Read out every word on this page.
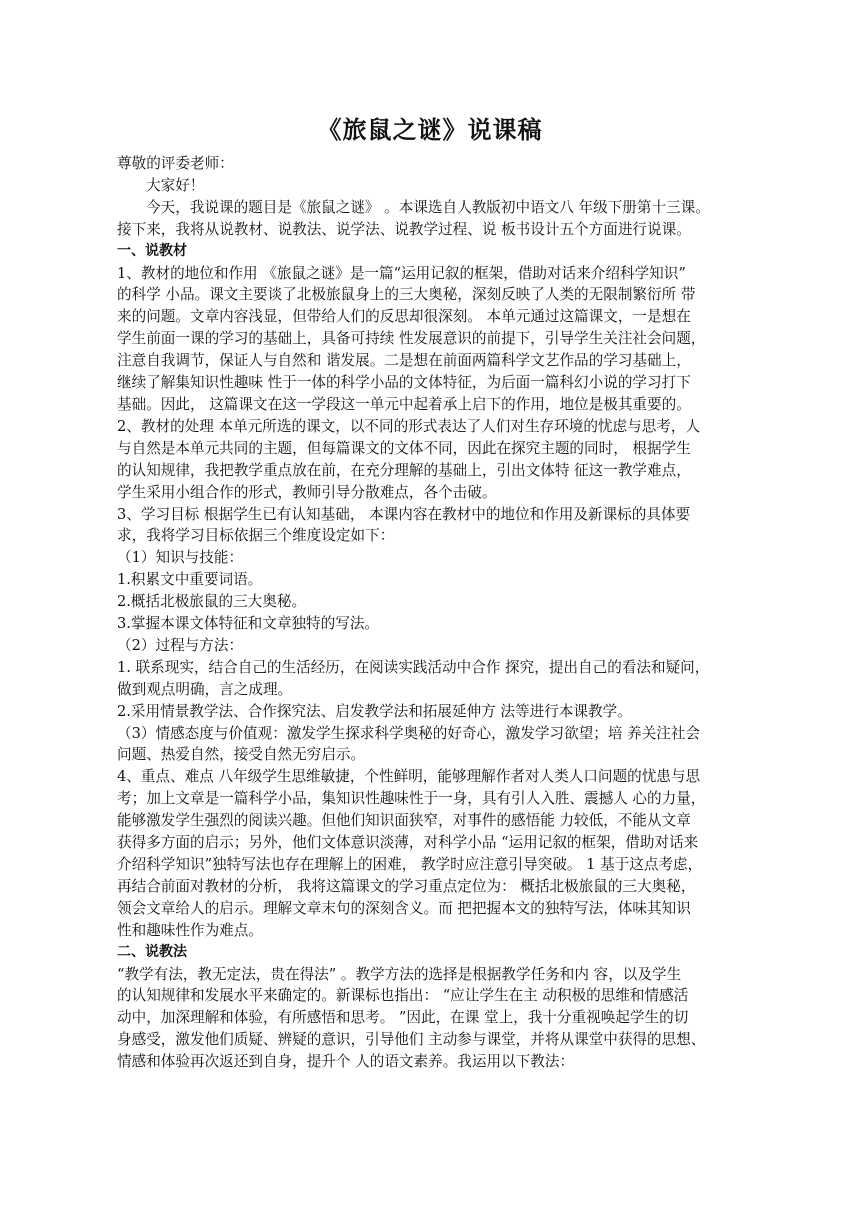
《旅鼠之谜》说课稿

尊敬的评委老师：

大家好！

今天，我说课的题目是《旅鼠之谜》 。本课选自人教版初中语文八 年级下册第十三课。

接下来，我将从说教材、说教法、说学法、说教学过程、说 板书设计五个方面进行说课。

一、说教材

1、教材的地位和作用 《旅鼠之谜》是一篇“运用记叙的框架，借助对话来介绍科学知识”

的科学 小品。课文主要谈了北极旅鼠身上的三大奥秘，深刻反映了人类的无限制繁衍所 带

来的问题。文章内容浅显，但带给人们的反思却很深刻。 本单元通过这篇课文，一是想在

学生前面一课的学习的基础上，具备可持续 性发展意识的前提下，引导学生关注社会问题，

注意自我调节，保证人与自然和 谐发展。二是想在前面两篇科学文艺作品的学习基础上，

继续了解集知识性趣味 性于一体的科学小品的文体特征，为后面一篇科幻小说的学习打下

基础。因此， 这篇课文在这一学段这一单元中起着承上启下的作用，地位是极其重要的。

2、教材的处理 本单元所选的课文，以不同的形式表达了人们对生存环境的忧虑与思考，人

与自然是本单元共同的主题，但每篇课文的文体不同，因此在探究主题的同时， 根据学生

的认知规律，我把教学重点放在前，在充分理解的基础上，引出文体特 征这一教学难点，

学生采用小组合作的形式，教师引导分散难点，各个击破。

3、学习目标 根据学生已有认知基础， 本课内容在教材中的地位和作用及新课标的具体要

求，我将学习目标依据三个维度设定如下：

（1）知识与技能：

1.积累文中重要词语。

2.概括北极旅鼠的三大奥秘。

3.掌握本课文体特征和文章独特的写法。

（2）过程与方法：

1. 联系现实，结合自己的生活经历，在阅读实践活动中合作 探究，提出自己的看法和疑问，

做到观点明确，言之成理。

2.采用情景教学法、合作探究法、启发教学法和拓展延伸方 法等进行本课教学。

（3）情感态度与价值观：激发学生探求科学奥秘的好奇心，激发学习欲望；培 养关注社会

问题、热爱自然，接受自然无穷启示。

4、重点、难点 八年级学生思维敏捷，个性鲜明，能够理解作者对人类人口问题的忧患与思

考；加上文章是一篇科学小品，集知识性趣味性于一身，具有引人入胜、震撼人 心的力量，

能够激发学生强烈的阅读兴趣。但他们知识面狭窄，对事件的感悟能 力较低，不能从文章

获得多方面的启示；另外，他们文体意识淡薄，对科学小品 “运用记叙的框架，借助对话来

介绍科学知识”独特写法也存在理解上的困难， 教学时应注意引导突破。 1 基于这点考虑，

再结合前面对教材的分析， 我将这篇课文的学习重点定位为： 概括北极旅鼠的三大奥秘，

领会文章给人的启示。理解文章末句的深刻含义。而 把把握本文的独特写法，体味其知识

性和趣味性作为难点。

二、说教法

“教学有法，教无定法，贵在得法” 。教学方法的选择是根据教学任务和内 容，以及学生

的认知规律和发展水平来确定的。新课标也指出： “应让学生在主 动积极的思维和情感活

动中，加深理解和体验，有所感悟和思考。 ”因此，在课 堂上，我十分重视唤起学生的切

身感受，激发他们质疑、辨疑的意识，引导他们 主动参与课堂，并将从课堂中获得的思想、

情感和体验再次返还到自身，提升个 人的语文素养。我运用以下教法：
